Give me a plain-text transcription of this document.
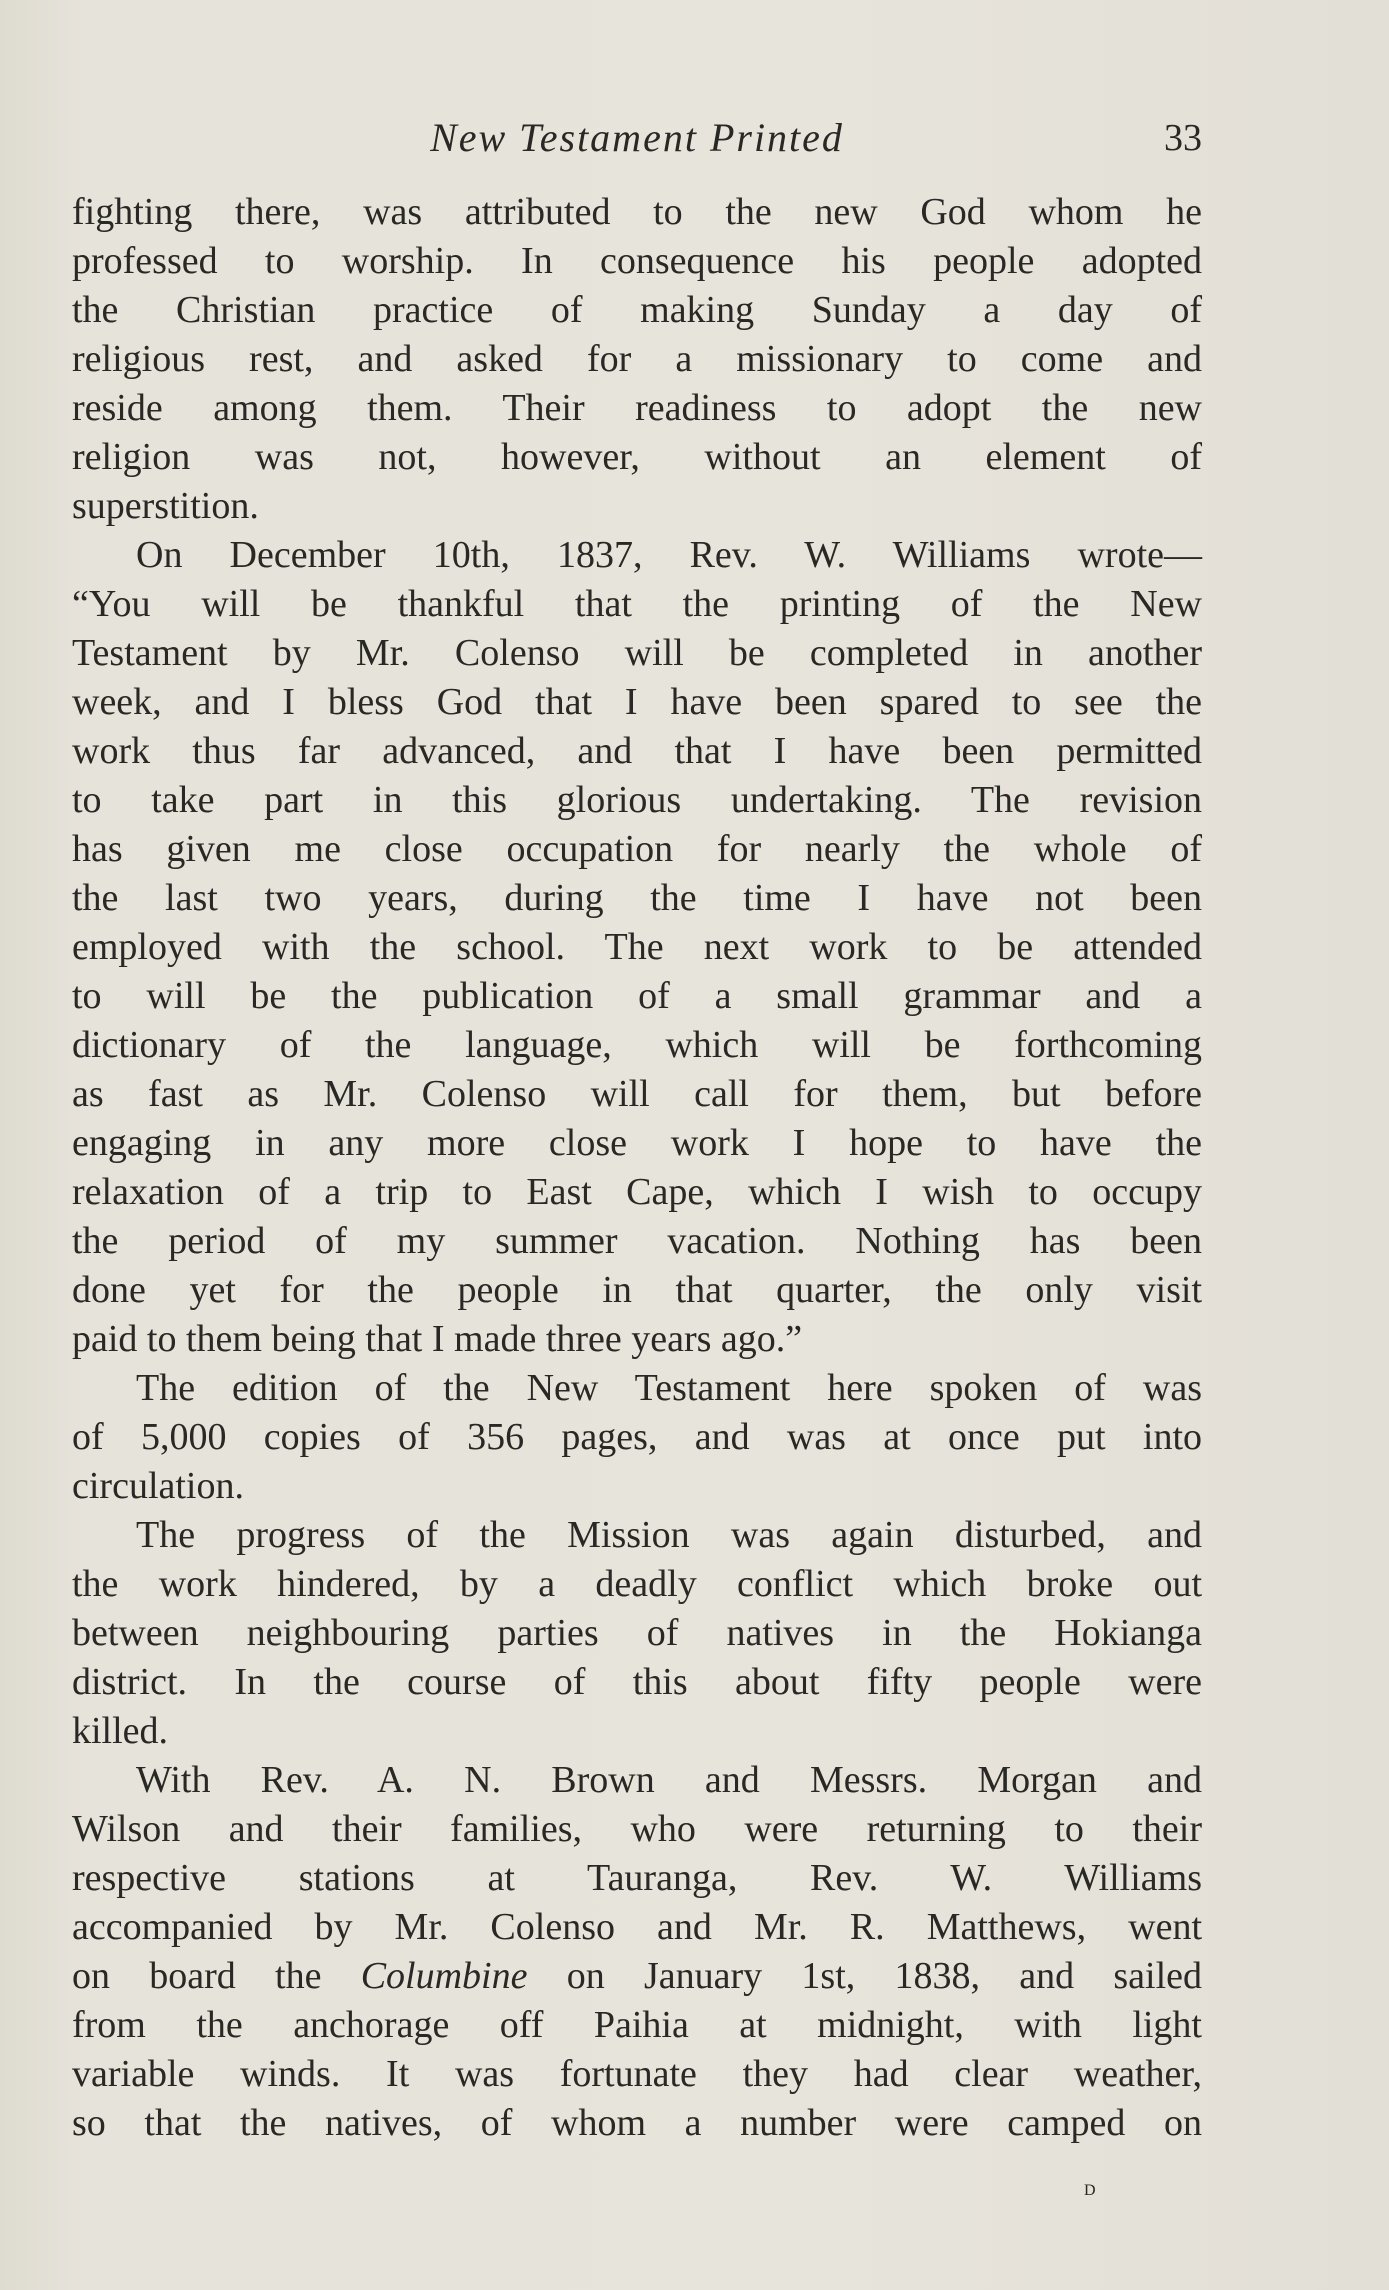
New Testament Printed	33
fighting there, was attributed to the new God whom he
professed to worship. In consequence his people adopted
the Christian practice of making Sunday a day of
religious rest, and asked for a missionary to come and
reside among them. Their readiness to adopt the new
religion was not, however, without an element of
superstition.
On December 10th, 1837, Rev. W. Williams wrote—
“You will be thankful that the printing of the New
Testament by Mr. Colenso will be completed in another
week, and I bless God that I have been spared to see the
work thus far advanced, and that I have been permitted
to take part in this glorious undertaking. The revision
has given me close occupation for nearly the whole of
the last two years, during the time I have not been
employed with the school. The next work to be attended
to will be the publication of a small grammar and a
dictionary of the language, which will be forthcoming
as fast as Mr. Colenso will call for them, but before
engaging in any more close work I hope to have the
relaxation of a trip to East Cape, which I wish to occupy
the period of my summer vacation. Nothing has been
done yet for the people in that quarter, the only visit
paid to them being that I made three years ago.”
The edition of the New Testament here spoken of was
of 5,000 copies of 356 pages, and was at once put into
circulation.
The progress of the Mission was again disturbed, and
the work hindered, by a deadly conflict which broke out
between neighbouring parties of natives in the Hokianga
district. In the course of this about fifty people were
killed.
With Rev. A. N. Brown and Messrs. Morgan and
Wilson and their families, who were returning to their
respective stations at Tauranga, Rev. W. Williams
accompanied by Mr. Colenso and Mr. R. Matthews, went
on board the Columbine on January 1st, 1838, and sailed
from the anchorage off Paihia at midnight, with light
variable winds. It was fortunate they had clear weather,
so that the natives, of whom a number were camped on
D
